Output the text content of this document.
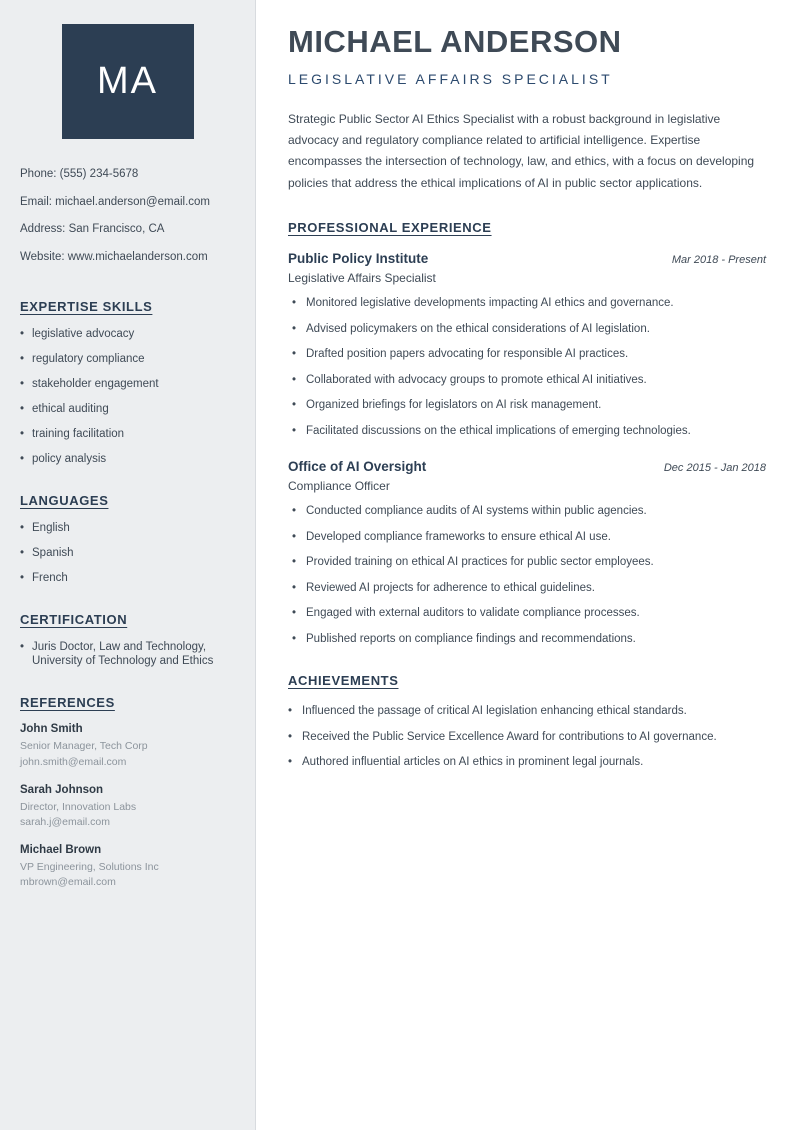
MA
Phone: (555) 234-5678
Email: michael.anderson@email.com
Address: San Francisco, CA
Website: www.michaelanderson.com
EXPERTISE SKILLS
• legislative advocacy
• regulatory compliance
• stakeholder engagement
• ethical auditing
• training facilitation
• policy analysis
LANGUAGES
• English
• Spanish
• French
CERTIFICATION
• Juris Doctor, Law and Technology, University of Technology and Ethics
REFERENCES
John Smith
Senior Manager, Tech Corp
john.smith@email.com
Sarah Johnson
Director, Innovation Labs
sarah.j@email.com
Michael Brown
VP Engineering, Solutions Inc
mbrown@email.com
MICHAEL ANDERSON
LEGISLATIVE AFFAIRS SPECIALIST

Strategic Public Sector AI Ethics Specialist with a robust background in legislative advocacy and regulatory compliance related to artificial intelligence. Expertise encompasses the intersection of technology, law, and ethics, with a focus on developing policies that address the ethical implications of AI in public sector applications.

PROFESSIONAL EXPERIENCE
Public Policy Institute	Mar 2018 - Present
Legislative Affairs Specialist
• Monitored legislative developments impacting AI ethics and governance.
• Advised policymakers on the ethical considerations of AI legislation.
• Drafted position papers advocating for responsible AI practices.
• Collaborated with advocacy groups to promote ethical AI initiatives.
• Organized briefings for legislators on AI risk management.
• Facilitated discussions on the ethical implications of emerging technologies.
Office of AI Oversight	Dec 2015 - Jan 2018
Compliance Officer
• Conducted compliance audits of AI systems within public agencies.
• Developed compliance frameworks to ensure ethical AI use.
• Provided training on ethical AI practices for public sector employees.
• Reviewed AI projects for adherence to ethical guidelines.
• Engaged with external auditors to validate compliance processes.
• Published reports on compliance findings and recommendations.
ACHIEVEMENTS
• Influenced the passage of critical AI legislation enhancing ethical standards.
• Received the Public Service Excellence Award for contributions to AI governance.
• Authored influential articles on AI ethics in prominent legal journals.
